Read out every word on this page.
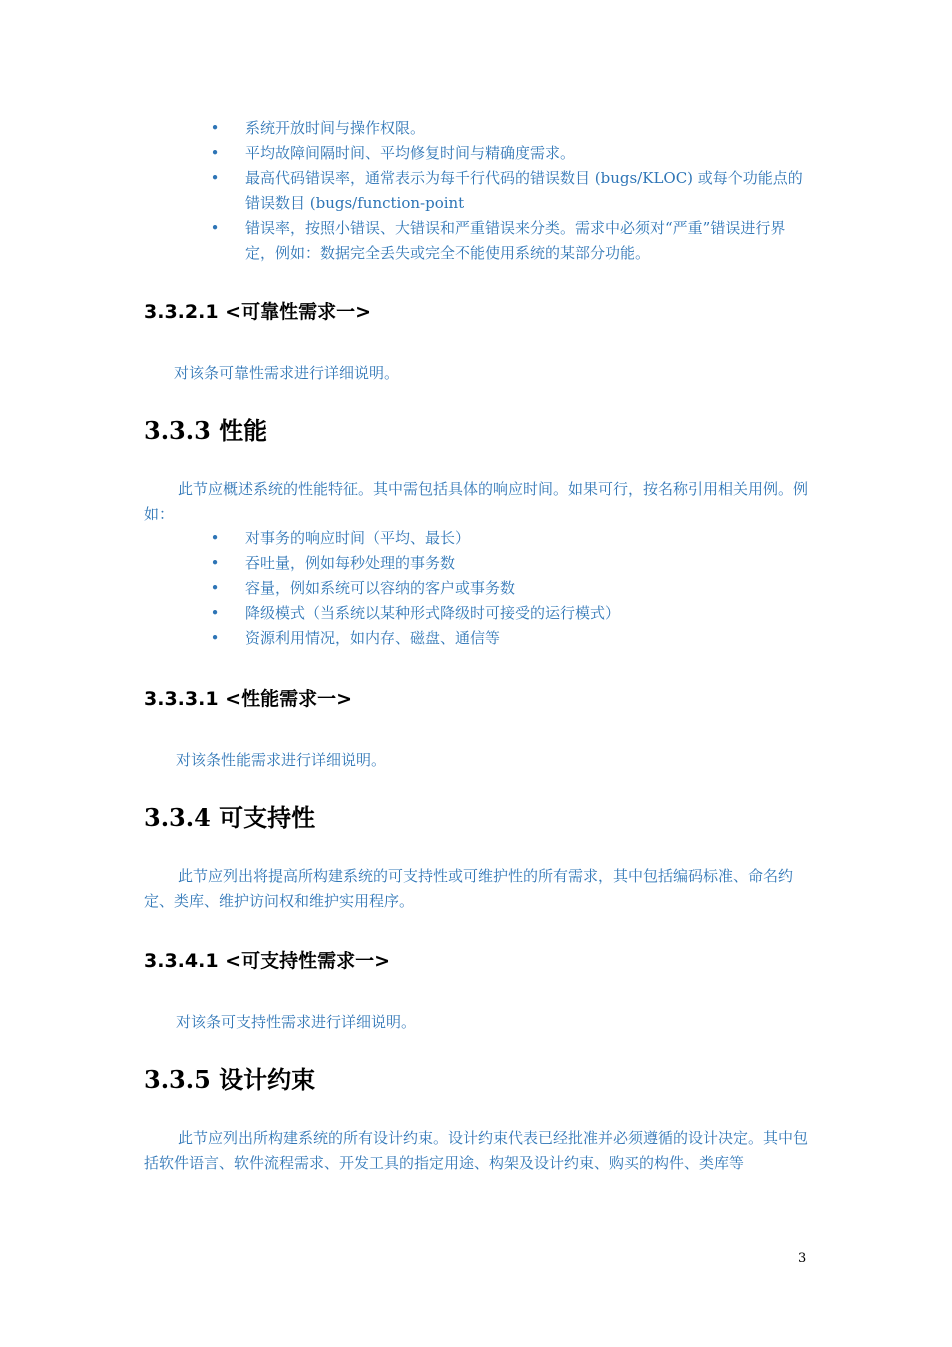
• 系统开放时间与操作权限。
• 平均故障间隔时间、平均修复时间与精确度需求。
• 最高代码错误率，通常表示为每千行代码的错误数目 (bugs/KLOC) 或每个功能点的错误数目 (bugs/function-point
• 错误率，按照小错误、大错误和严重错误来分类。需求中必须对“严重”错误进行界定，例如：数据完全丢失或完全不能使用系统的某部分功能。
3.3.2.1 <可靠性需求一>

对该条可靠性需求进行详细说明。

3.3.3 性能

此节应概述系统的性能特征。其中需包括具体的响应时间。如果可行，按名称引用相关用例。例如：

• 对事务的响应时间（平均、最长）
• 吞吐量，例如每秒处理的事务数
• 容量，例如系统可以容纳的客户或事务数
• 降级模式（当系统以某种形式降级时可接受的运行模式）
• 资源利用情况，如内存、磁盘、通信等
3.3.3.1 <性能需求一>

对该条性能需求进行详细说明。

3.3.4 可支持性

此节应列出将提高所构建系统的可支持性或可维护性的所有需求，其中包括编码标准、命名约定、类库、维护访问权和维护实用程序。

3.3.4.1 <可支持性需求一>

对该条可支持性需求进行详细说明。

3.3.5 设计约束

此节应列出所构建系统的所有设计约束。设计约束代表已经批准并必须遵循的设计决定。其中包括软件语言、软件流程需求、开发工具的指定用途、构架及设计约束、购买的构件、类库等

3
